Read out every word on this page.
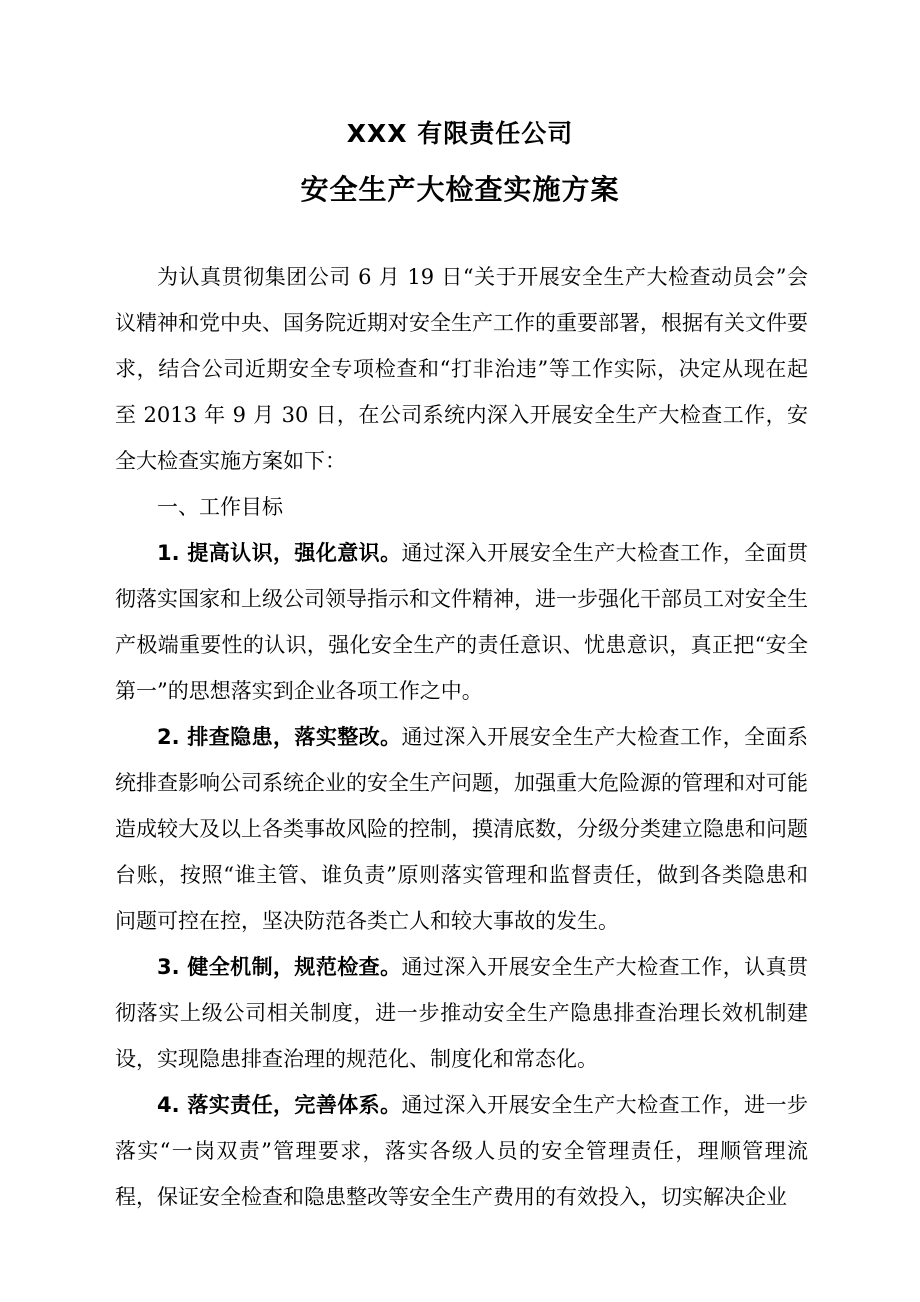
XXX 有限责任公司
安全生产大检查实施方案

为认真贯彻集团公司 6 月 19 日“关于开展安全生产大检查动员会”会议精神和党中央、国务院近期对安全生产工作的重要部署，根据有关文件要求，结合公司近期安全专项检查和“打非治违”等工作实际，决定从现在起至 2013 年 9 月 30 日，在公司系统内深入开展安全生产大检查工作，安全大检查实施方案如下：

一、工作目标

1. 提高认识，强化意识。通过深入开展安全生产大检查工作，全面贯彻落实国家和上级公司领导指示和文件精神，进一步强化干部员工对安全生产极端重要性的认识，强化安全生产的责任意识、忧患意识，真正把“安全第一”的思想落实到企业各项工作之中。

2. 排查隐患，落实整改。通过深入开展安全生产大检查工作，全面系统排查影响公司系统企业的安全生产问题，加强重大危险源的管理和对可能造成较大及以上各类事故风险的控制，摸清底数，分级分类建立隐患和问题台账，按照“谁主管、谁负责”原则落实管理和监督责任，做到各类隐患和问题可控在控，坚决防范各类亡人和较大事故的发生。

3. 健全机制，规范检查。通过深入开展安全生产大检查工作，认真贯彻落实上级公司相关制度，进一步推动安全生产隐患排查治理长效机制建设，实现隐患排查治理的规范化、制度化和常态化。

4. 落实责任，完善体系。通过深入开展安全生产大检查工作，进一步落实“一岗双责”管理要求，落实各级人员的安全管理责任，理顺管理流程，保证安全检查和隐患整改等安全生产费用的有效投入，切实解决企业
